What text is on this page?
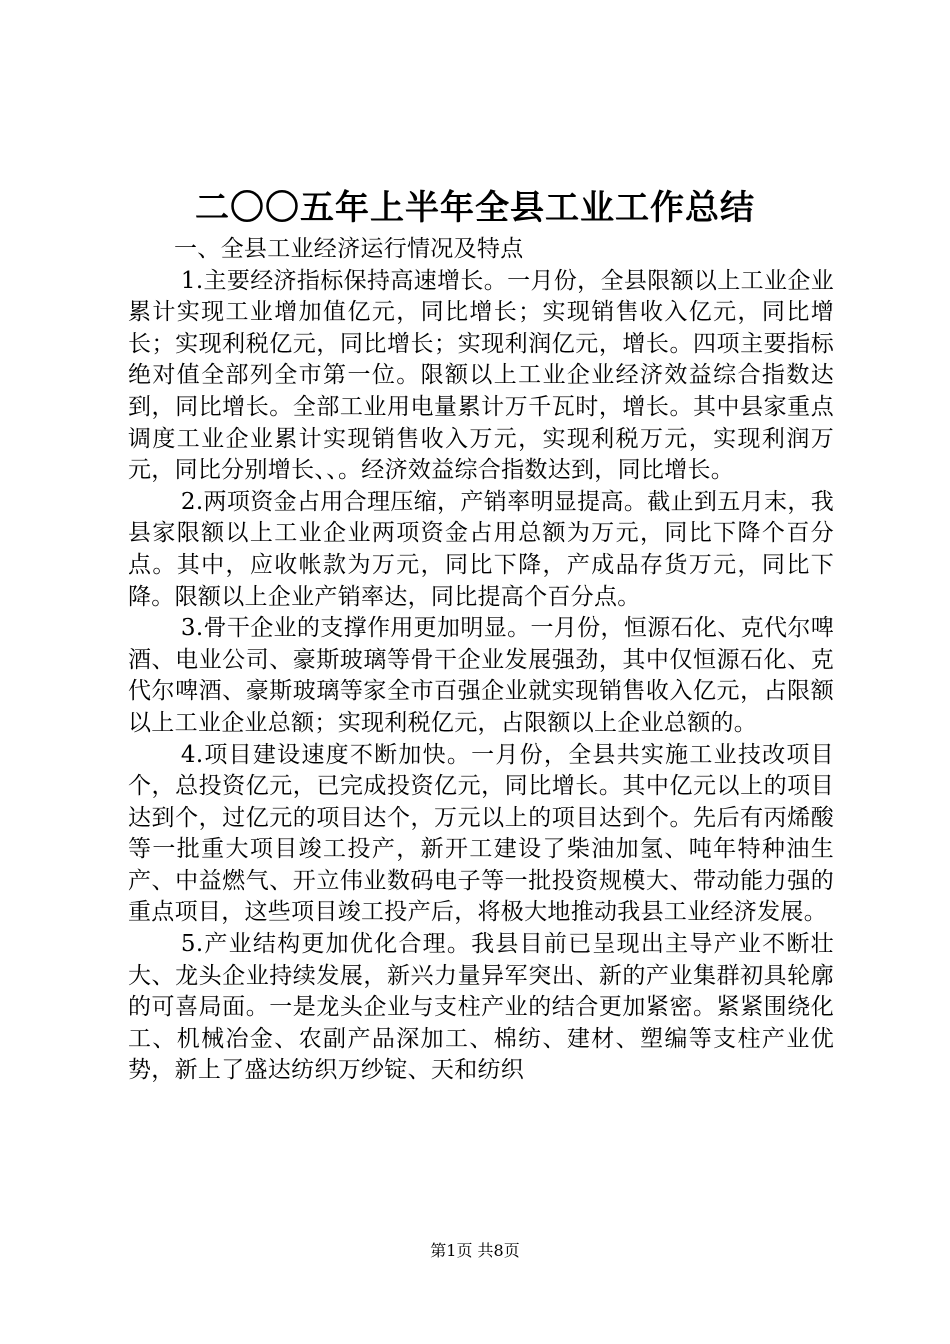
二〇〇五年上半年全县工业工作总结

一、全县工业经济运行情况及特点

1.主要经济指标保持高速增长。一月份，全县限额以上工业企业累计实现工业增加值亿元，同比增长；实现销售收入亿元，同比增长；实现利税亿元，同比增长；实现利润亿元，增长。四项主要指标绝对值全部列全市第一位。限额以上工业企业经济效益综合指数达到，同比增长。全部工业用电量累计万千瓦时，增长。其中县家重点调度工业企业累计实现销售收入万元，实现利税万元，实现利润万元，同比分别增长、、。经济效益综合指数达到，同比增长。

2.两项资金占用合理压缩，产销率明显提高。截止到五月末，我县家限额以上工业企业两项资金占用总额为万元，同比下降个百分点。其中，应收帐款为万元，同比下降，产成品存货万元，同比下降。限额以上企业产销率达，同比提高个百分点。

3.骨干企业的支撑作用更加明显。一月份，恒源石化、克代尔啤酒、电业公司、豪斯玻璃等骨干企业发展强劲，其中仅恒源石化、克代尔啤酒、豪斯玻璃等家全市百强企业就实现销售收入亿元，占限额以上工业企业总额；实现利税亿元，占限额以上企业总额的。

4.项目建设速度不断加快。一月份，全县共实施工业技改项目个，总投资亿元，已完成投资亿元，同比增长。其中亿元以上的项目达到个，过亿元的项目达个，万元以上的项目达到个。先后有丙烯酸等一批重大项目竣工投产，新开工建设了柴油加氢、吨年特种油生产、中益燃气、开立伟业数码电子等一批投资规模大、带动能力强的重点项目，这些项目竣工投产后，将极大地推动我县工业经济发展。

5.产业结构更加优化合理。我县目前已呈现出主导产业不断壮大、龙头企业持续发展，新兴力量异军突出、新的产业集群初具轮廓的可喜局面。一是龙头企业与支柱产业的结合更加紧密。紧紧围绕化工、机械冶金、农副产品深加工、棉纺、建材、塑编等支柱产业优势，新上了盛达纺织万纱锭、天和纺织

第1页 共8页
